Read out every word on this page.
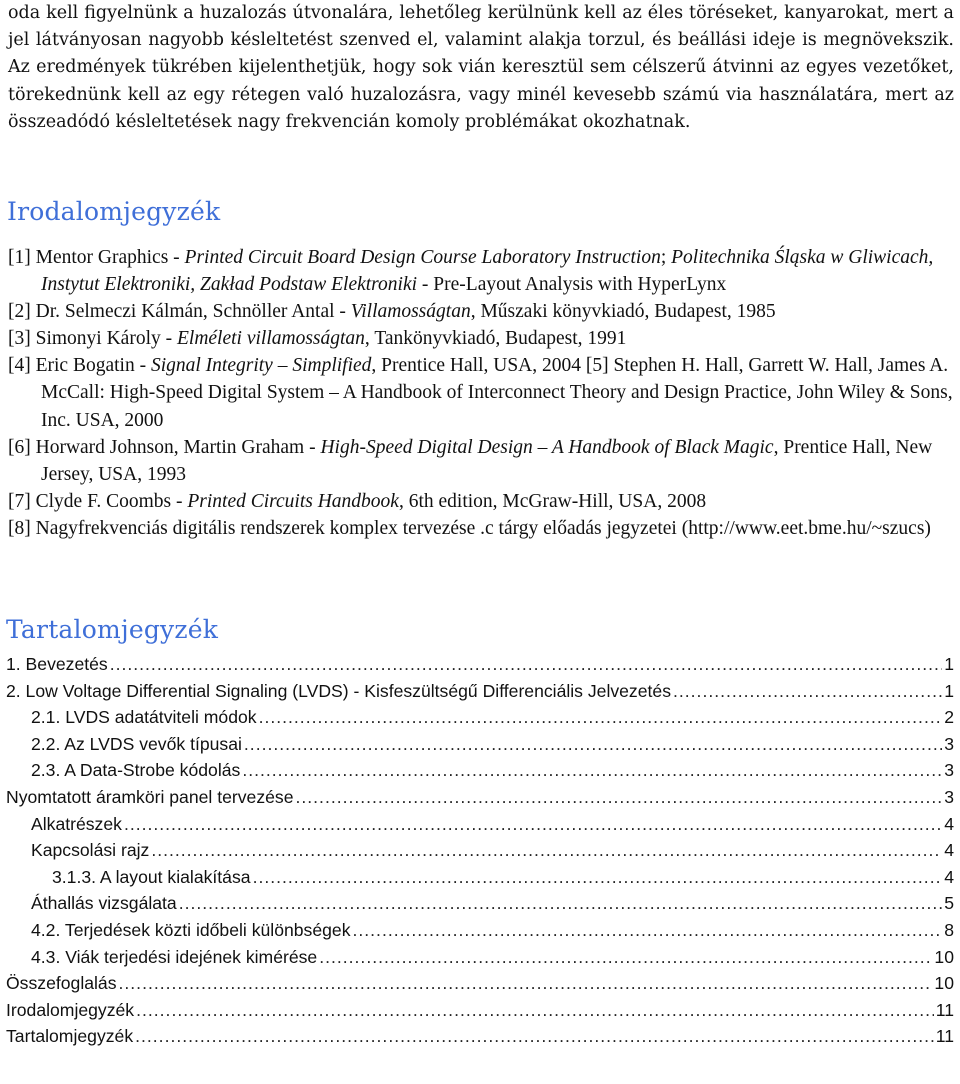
oda kell figyelnünk a huzalozás útvonalára, lehetőleg kerülnünk kell az éles töréseket, kanyarokat, mert a jel látványosan nagyobb késleltetést szenved el, valamint alakja torzul, és beállási ideje is megnövekszik. Az eredmények tükrében kijelenthetjük, hogy sok vián keresztül sem célszerű átvinni az egyes vezetőket, törekednünk kell az egy rétegen való huzalozásra, vagy minél kevesebb számú via használatára, mert az összeadódó késleltetések nagy frekvencián komoly problémákat okozhatnak.

Irodalomjegyzék

[1] Mentor Graphics - Printed Circuit Board Design Course Laboratory Instruction; Politechnika Śląska w Gliwicach, Instytut Elektroniki, Zakład Podstaw Elektroniki - Pre-Layout Analysis with HyperLynx

[2] Dr. Selmeczi Kálmán, Schnöller Antal - Villamosságtan, Műszaki könyvkiadó, Budapest, 1985

[3] Simonyi Károly - Elméleti villamosságtan, Tankönyvkiadó, Budapest, 1991

[4] Eric Bogatin - Signal Integrity – Simplified, Prentice Hall, USA, 2004 [5] Stephen H. Hall, Garrett W. Hall, James A. McCall: High-Speed Digital System – A Handbook of Interconnect Theory and Design Practice, John Wiley & Sons, Inc. USA, 2000

[6] Horward Johnson, Martin Graham - High-Speed Digital Design – A Handbook of Black Magic, Prentice Hall, New Jersey, USA, 1993

[7] Clyde F. Coombs - Printed Circuits Handbook, 6th edition, McGraw-Hill, USA, 2008

[8] Nagyfrekvenciás digitális rendszerek komplex tervezése .c tárgy előadás jegyzetei (http://www.eet.bme.hu/~szucs)

Tartalomjegyzék
1. Bevezetés .....	1
2. Low Voltage Differential Signaling (LVDS) - Kisfeszültségű Differenciális Jelvezetés .....	1
2.1. LVDS adatátviteli módok .....	2
2.2. Az LVDS vevők típusai .....	3
2.3. A Data-Strobe kódolás .....	3
Nyomtatott áramköri panel tervezése .....	3
Alkatrészek .....	4
Kapcsolási rajz .....	4
3.1.3. A layout kialakítása .....	4
Áthallás vizsgálata .....	5
4.2. Terjedések közti időbeli különbségek .....	8
4.3. Viák terjedési idejének kimérése .....	10
Összefoglalás .....	10
Irodalomjegyzék .....	11
Tartalomjegyzék .....	11
